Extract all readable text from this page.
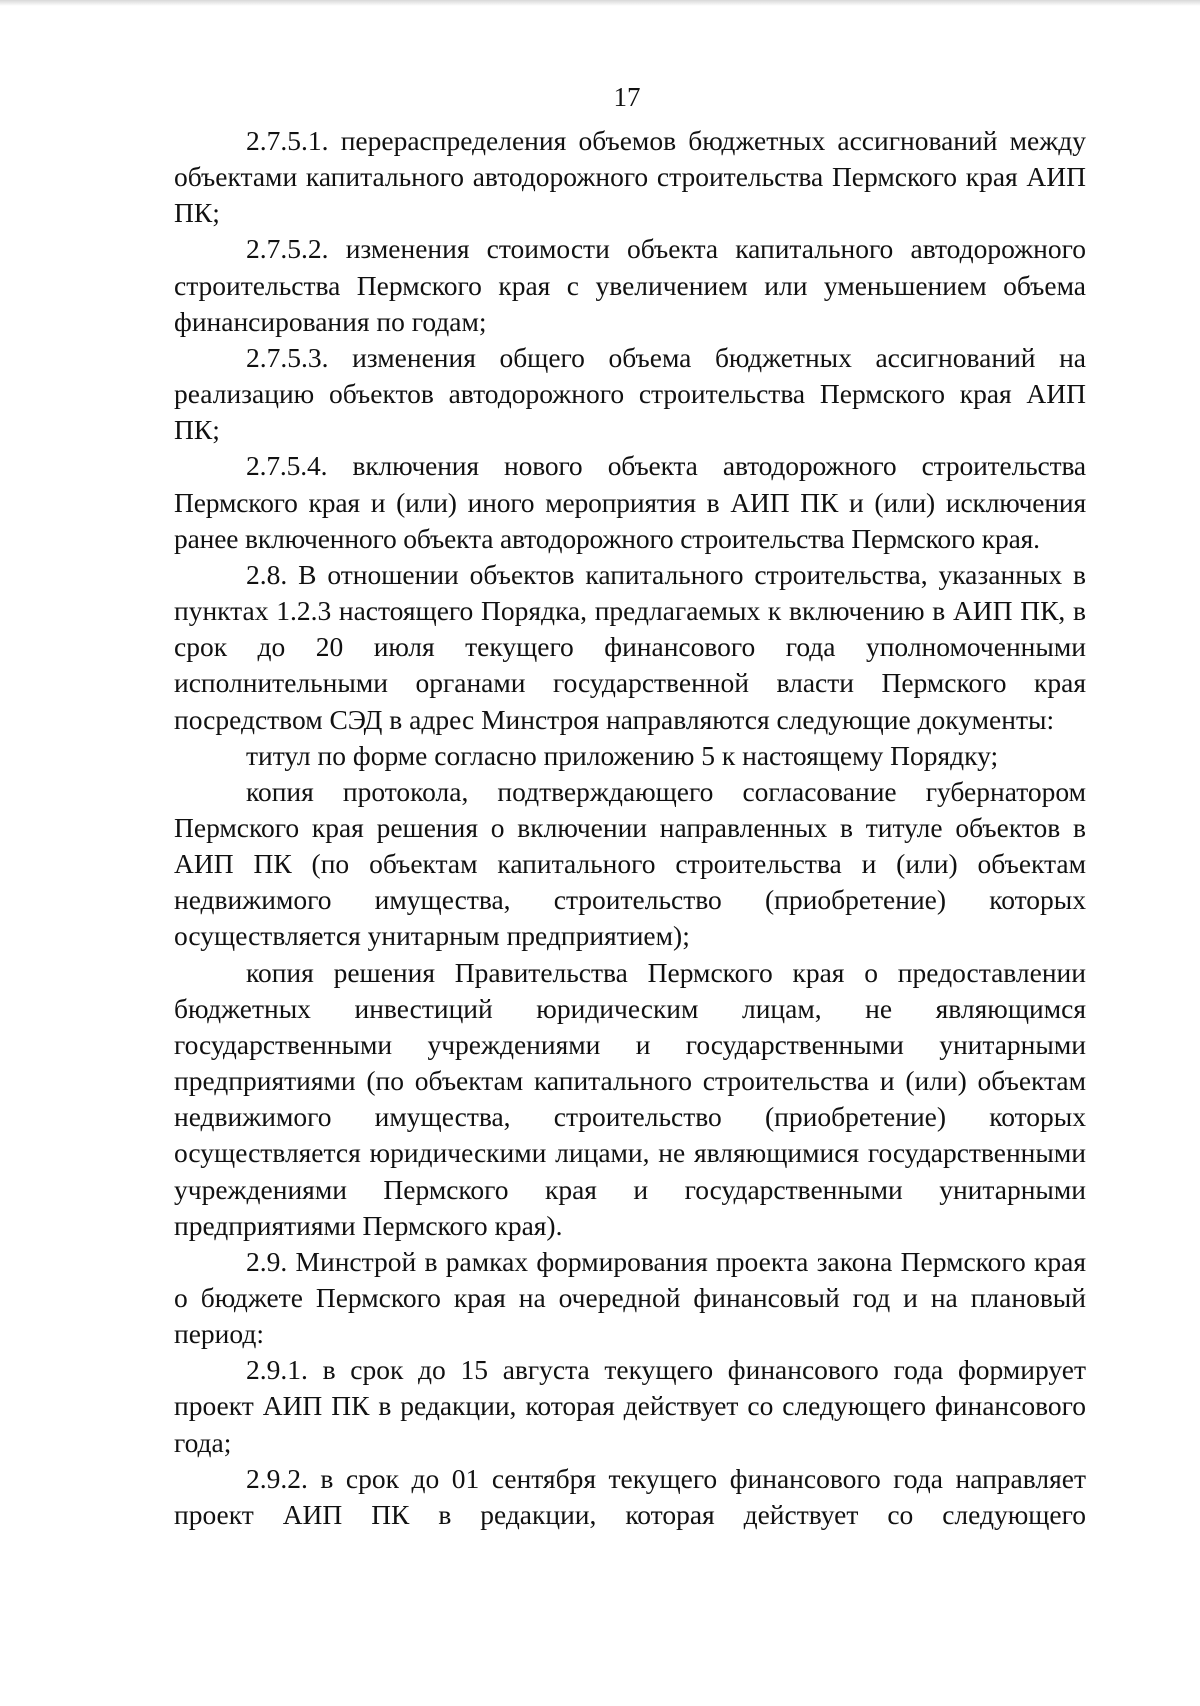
17

2.7.5.1. перераспределения объемов бюджетных ассигнований между объектами капитального автодорожного строительства Пермского края АИП ПК;

2.7.5.2. изменения стоимости объекта капитального автодорожного строительства Пермского края с увеличением или уменьшением объема финансирования по годам;

2.7.5.3. изменения общего объема бюджетных ассигнований на реализацию объектов автодорожного строительства Пермского края АИП ПК;

2.7.5.4. включения нового объекта автодорожного строительства Пермского края и (или) иного мероприятия в АИП ПК и (или) исключения ранее включенного объекта автодорожного строительства Пермского края.

2.8. В отношении объектов капитального строительства, указанных в пунктах 1.2.3 настоящего Порядка, предлагаемых к включению в АИП ПК, в срок до 20 июля текущего финансового года уполномоченными исполнительными органами государственной власти Пермского края посредством СЭД в адрес Минстроя направляются следующие документы:

титул по форме согласно приложению 5 к настоящему Порядку;

копия протокола, подтверждающего согласование губернатором Пермского края решения о включении направленных в титуле объектов в АИП ПК (по объектам капитального строительства и (или) объектам недвижимого имущества, строительство (приобретение) которых осуществляется унитарным предприятием);

копия решения Правительства Пермского края о предоставлении бюджетных инвестиций юридическим лицам, не являющимся государственными учреждениями и государственными унитарными предприятиями (по объектам капитального строительства и (или) объектам недвижимого имущества, строительство (приобретение) которых осуществляется юридическими лицами, не являющимися государственными учреждениями Пермского края и государственными унитарными предприятиями Пермского края).

2.9. Минстрой в рамках формирования проекта закона Пермского края о бюджете Пермского края на очередной финансовый год и на плановый период:

2.9.1. в срок до 15 августа текущего финансового года формирует проект АИП ПК в редакции, которая действует со следующего финансового года;

2.9.2. в срок до 01 сентября текущего финансового года направляет проект АИП ПК в редакции, которая действует со следующего
